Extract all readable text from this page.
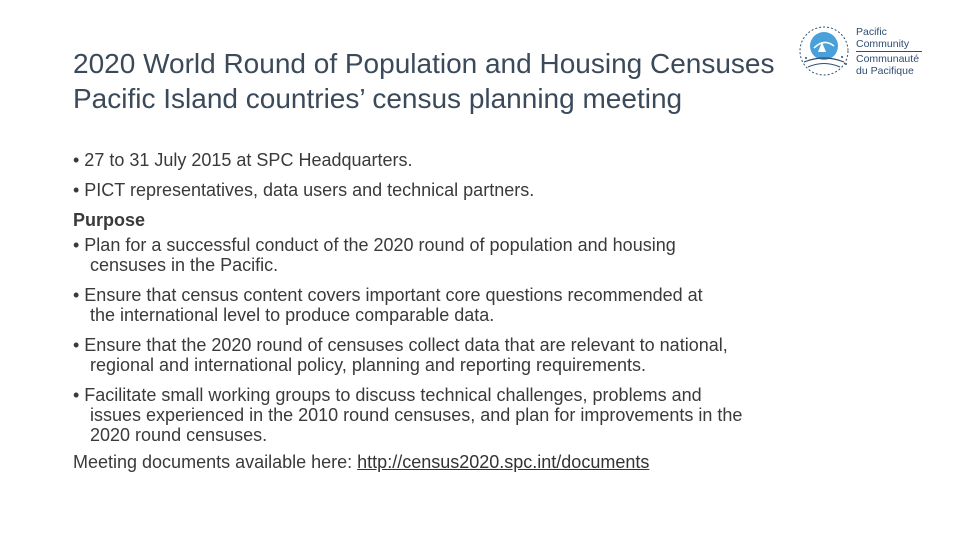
2020 World Round of Population and Housing Censuses
Pacific Island countries’ census planning meeting
Pacific
Community
Communauté
du Pacifique
• 27 to 31 July 2015 at SPC Headquarters.
• PICT representatives, data users and technical partners.
Purpose
• Plan for a successful conduct of the 2020 round of population and housing
censuses in the Pacific.
• Ensure that census content covers important core questions recommended at
the international level to produce comparable data.
• Ensure that the 2020 round of censuses collect data that are relevant to national,
regional and international policy, planning and reporting requirements.
• Facilitate small working groups to discuss technical challenges, problems and
issues experienced in the 2010 round censuses, and plan for improvements in the
2020 round censuses.
Meeting documents available here: http://census2020.spc.int/documents
